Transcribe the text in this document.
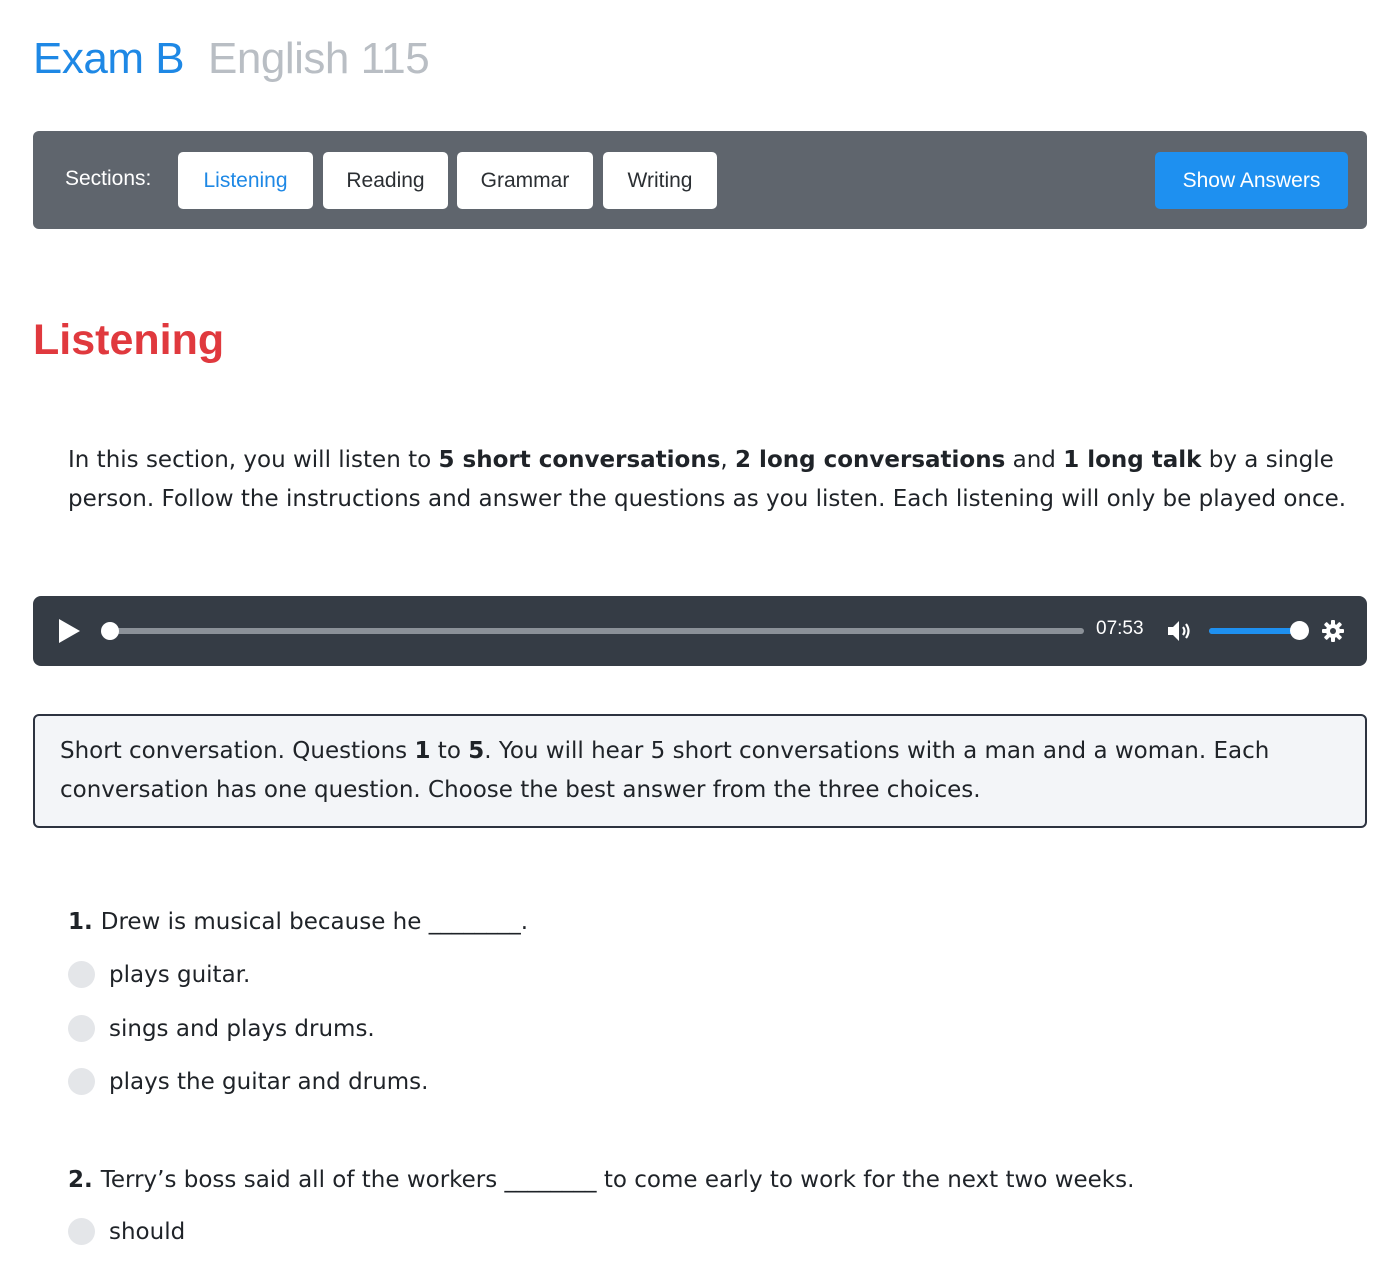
Exam B English 115
Sections:	Listening	Reading	Grammar	Writing	Show Answers
Listening
In this section, you will listen to 5 short conversations, 2 long conversations and 1 long talk by a single person. Follow the instructions and answer the questions as you listen. Each listening will only be played once.
07:53
Short conversation. Questions 1 to 5. You will hear 5 short conversations with a man and a woman. Each conversation has one question. Choose the best answer from the three choices.
1. Drew is musical because he ________.
plays guitar.
sings and plays drums.
plays the guitar and drums.
2. Terry’s boss said all of the workers ________ to come early to work for the next two weeks.
should
